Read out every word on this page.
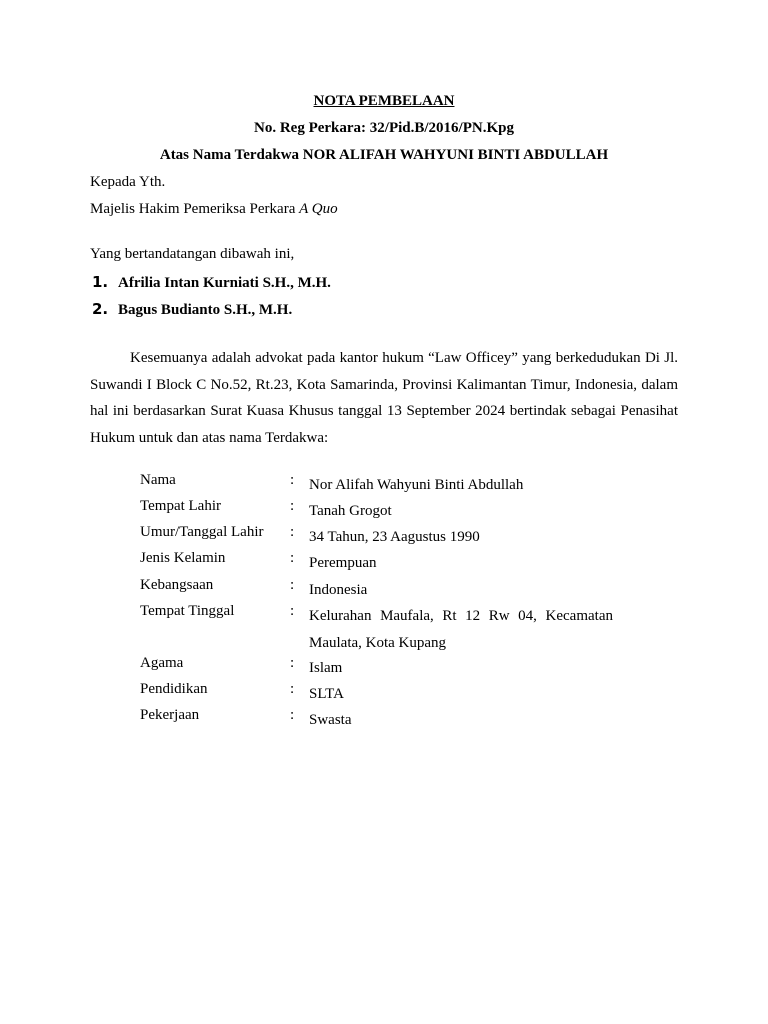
NOTA PEMBELAAN
No. Reg Perkara: 32/Pid.B/2016/PN.Kpg
Atas Nama Terdakwa NOR ALIFAH WAHYUNI BINTI ABDULLAH
Kepada Yth.
Majelis Hakim Pemeriksa Perkara A Quo
Yang bertandatangan dibawah ini,
1. Afrilia Intan Kurniati S.H., M.H.
2. Bagus Budianto S.H., M.H.

Kesemuanya adalah advokat pada kantor hukum “Law Officey” yang berkedudukan Di Jl. Suwandi I Block C No.52, Rt.23, Kota Samarinda, Provinsi Kalimantan Timur, Indonesia, dalam hal ini berdasarkan Surat Kuasa Khusus tanggal 13 September 2024 bertindak sebagai Penasihat Hukum untuk dan atas nama Terdakwa:

Nama	: Nor Alifah Wahyuni Binti Abdullah
Tempat Lahir	: Tanah Grogot
Umur/Tanggal Lahir : 34 Tahun, 23 Aagustus 1990
Jenis Kelamin	: Perempuan
Kebangsaan	: Indonesia
Tempat Tinggal	: Kelurahan Maufala, Rt 12 Rw 04, Kecamatan Maulata, Kota Kupang
Agama	: Islam
Pendidikan	: SLTA
Pekerjaan	: Swasta
